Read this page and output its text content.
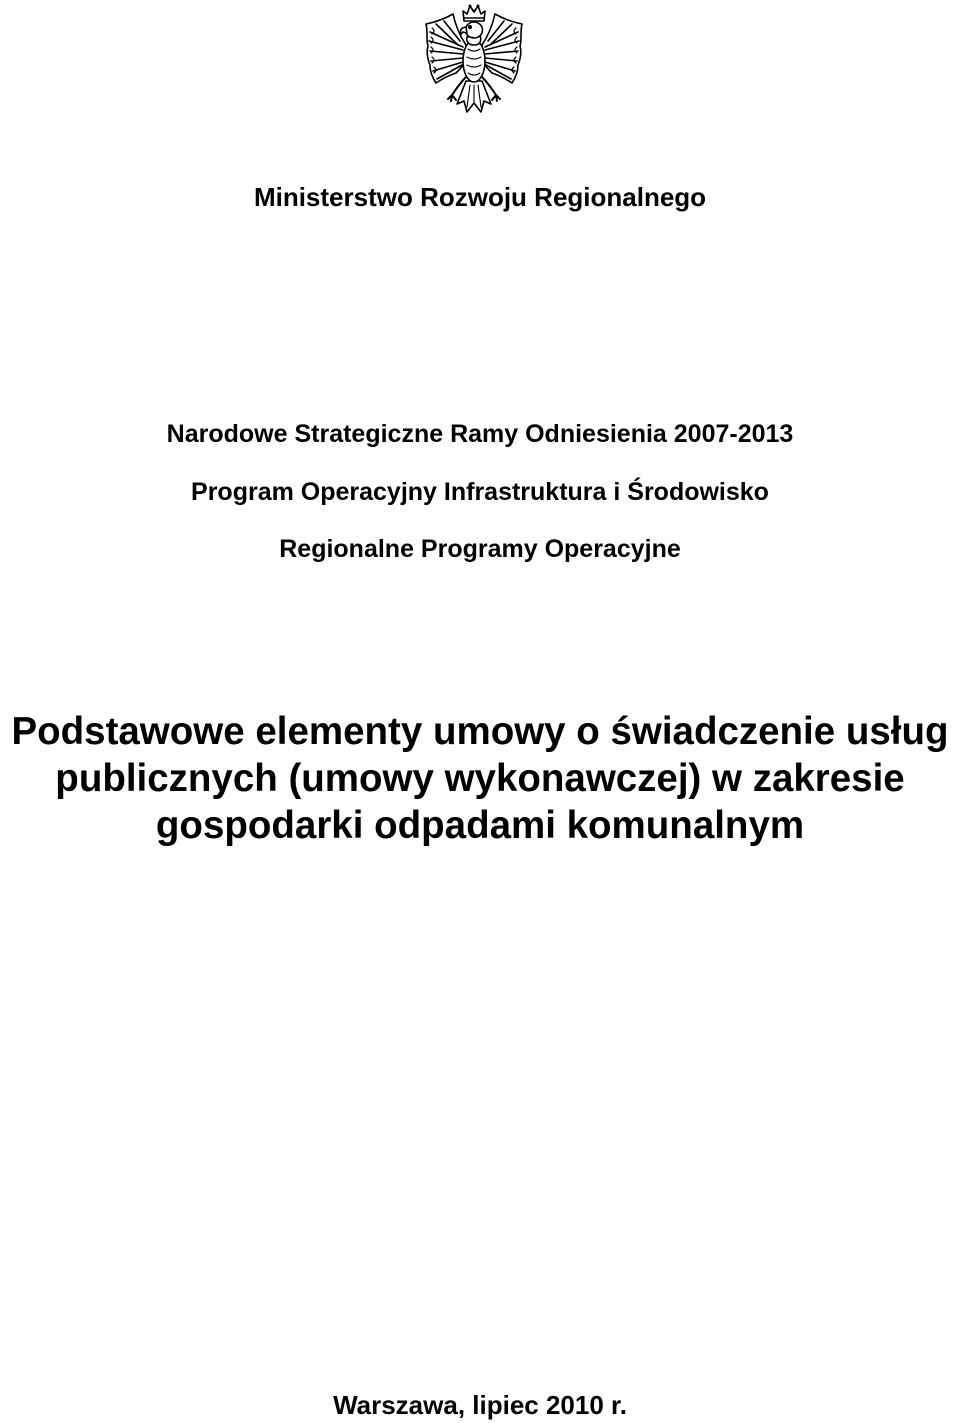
Ministerstwo Rozwoju Regionalnego
Narodowe Strategiczne Ramy Odniesienia 2007-2013
Program Operacyjny Infrastruktura i Środowisko
Regionalne Programy Operacyjne
Podstawowe elementy umowy o świadczenie usług
publicznych (umowy wykonawczej) w zakresie
gospodarki odpadami komunalnym
Warszawa, lipiec 2010 r.
